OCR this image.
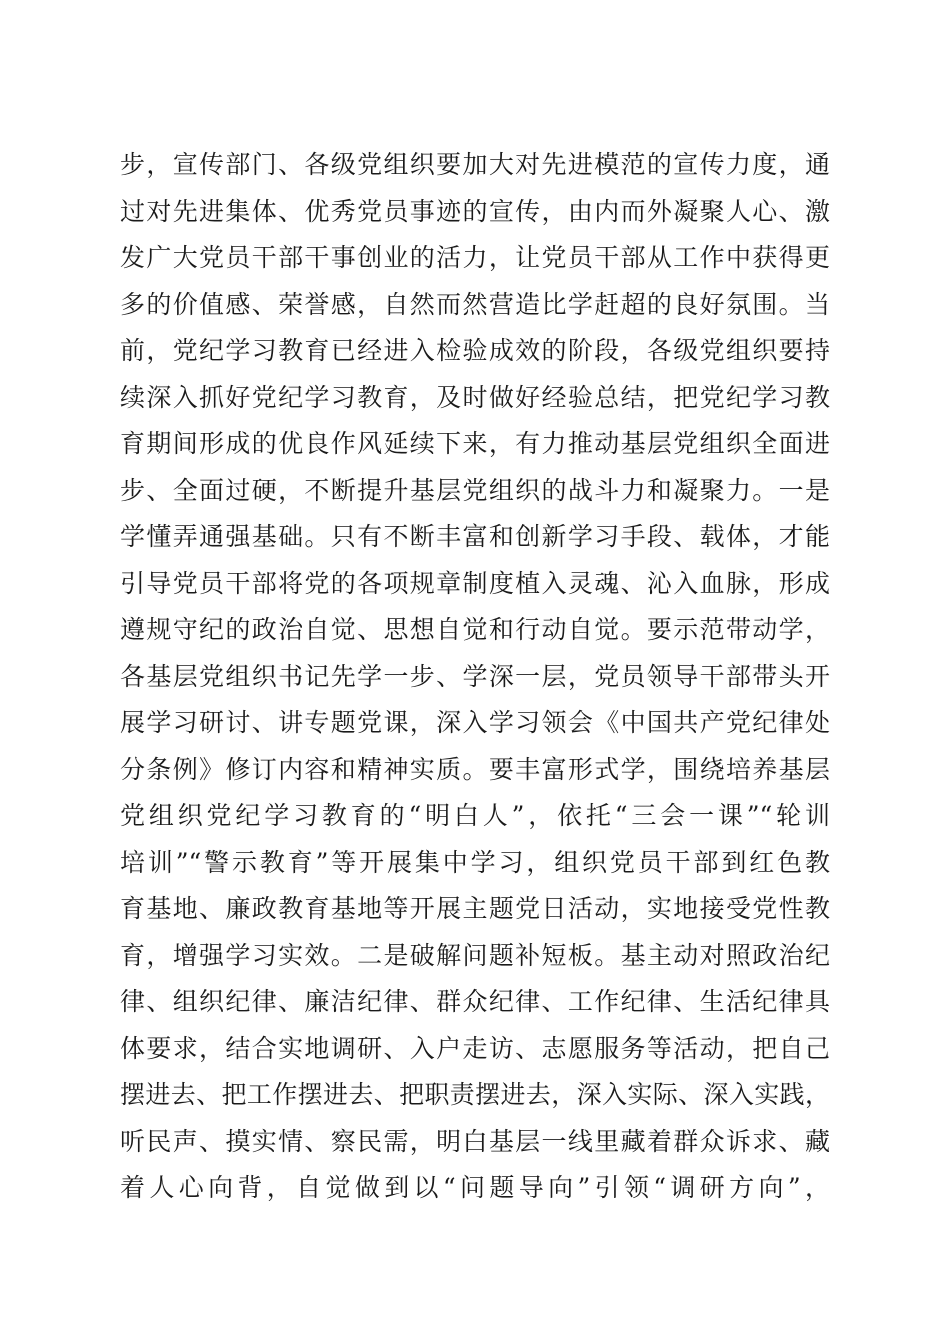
步，宣传部门、各级党组织要加大对先进模范的宣传力度，通
过对先进集体、优秀党员事迹的宣传，由内而外凝聚人心、激
发广大党员干部干事创业的活力，让党员干部从工作中获得更
多的价值感、荣誉感，自然而然营造比学赶超的良好氛围。当
前，党纪学习教育已经进入检验成效的阶段，各级党组织要持
续深入抓好党纪学习教育，及时做好经验总结，把党纪学习教
育期间形成的优良作风延续下来，有力推动基层党组织全面进
步、全面过硬，不断提升基层党组织的战斗力和凝聚力。一是
学懂弄通强基础。只有不断丰富和创新学习手段、载体，才能
引导党员干部将党的各项规章制度植入灵魂、沁入血脉，形成
遵规守纪的政治自觉、思想自觉和行动自觉。要示范带动学，
各基层党组织书记先学一步、学深一层，党员领导干部带头开
展学习研讨、讲专题党课，深入学习领会《中国共产党纪律处
分条例》修订内容和精神实质。要丰富形式学，围绕培养基层
党组织党纪学习教育的“明白人”，依托“三会一课”“轮训
培训”“警示教育”等开展集中学习，组织党员干部到红色教
育基地、廉政教育基地等开展主题党日活动，实地接受党性教
育，增强学习实效。二是破解问题补短板。基主动对照政治纪
律、组织纪律、廉洁纪律、群众纪律、工作纪律、生活纪律具
体要求，结合实地调研、入户走访、志愿服务等活动，把自己
摆进去、把工作摆进去、把职责摆进去，深入实际、深入实践，
听民声、摸实情、察民需，明白基层一线里藏着群众诉求、藏
着人心向背，自觉做到以“问题导向”引领“调研方向”，
